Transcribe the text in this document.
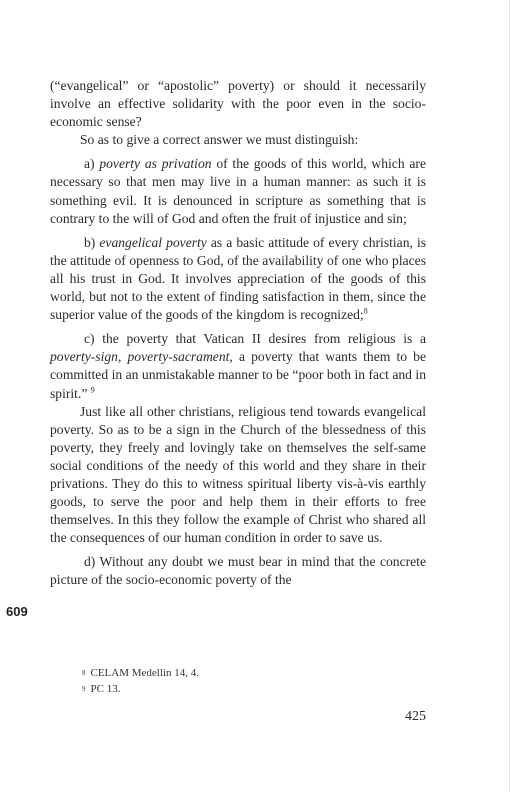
(“evangelical” or “apostolic” poverty) or should it necessarily involve an effective solidarity with the poor even in the socio-economic sense?

So as to give a correct answer we must distinguish:

a) poverty as privation of the goods of this world, which are necessary so that men may live in a human manner: as such it is something evil. It is denounced in scripture as something that is contrary to the will of God and often the fruit of injustice and sin;

b) evangelical poverty as a basic attitude of every christian, is the attitude of openness to God, of the availability of one who places all his trust in God. It involves appreciation of the goods of this world, but not to the extent of finding satisfaction in them, since the superior value of the goods of the kingdom is recognized;$^8$

c) the poverty that Vatican II desires from religious is a poverty-sign, poverty-sacrament, a poverty that wants them to be committed in an unmistakable manner to be “poor both in fact and in spirit.” $^9$

Just like all other christians, religious tend towards evangelical poverty. So as to be a sign in the Church of the blessedness of this poverty, they freely and lovingly take on themselves the self-same social conditions of the needy of this world and they share in their privations. They do this to witness spiritual liberty vis-à-vis earthly goods, to serve the poor and help them in their efforts to free themselves. In this they follow the example of Christ who shared all the consequences of our human condition in order to save us.

d) Without any doubt we must bear in mind that the concrete picture of the socio-economic poverty of the

609
$^8$ CELAM Medellin 14, 4.
$^9$ PC 13.
425
